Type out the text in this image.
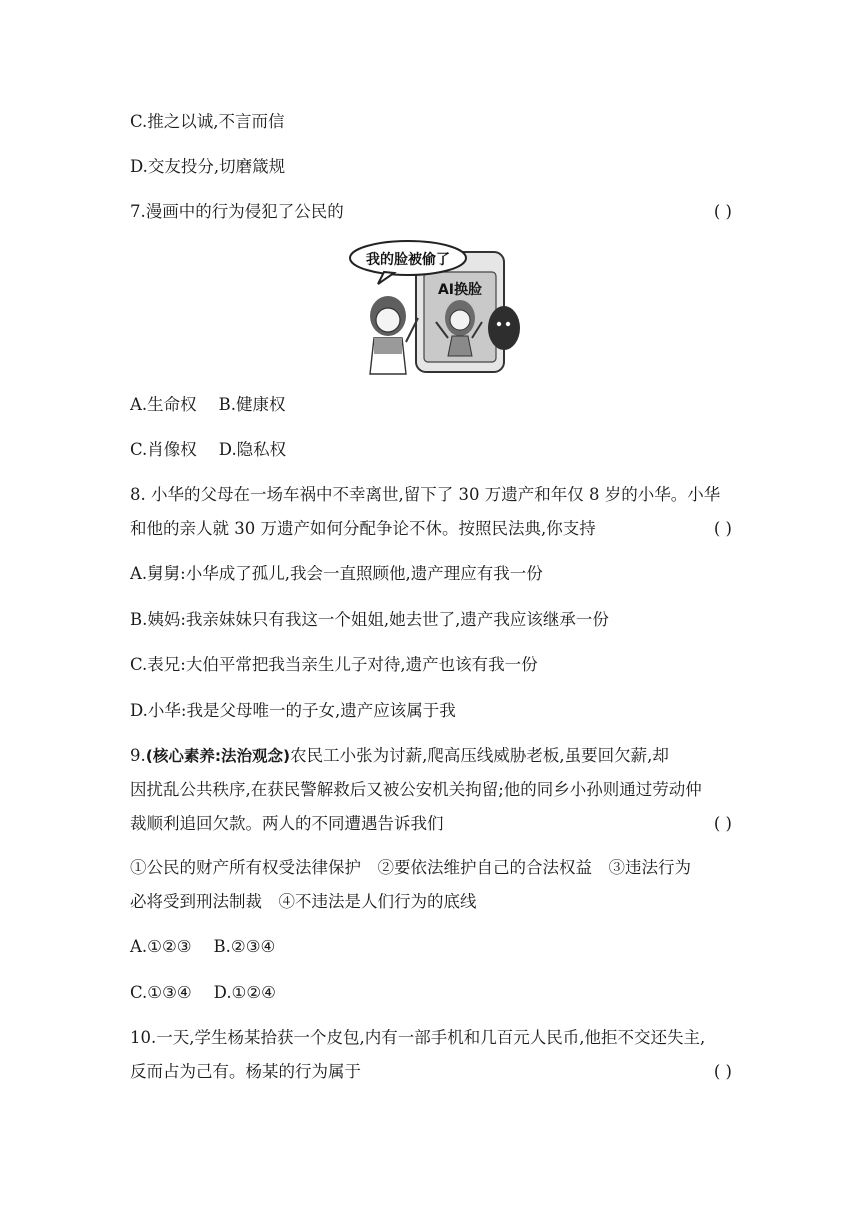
C.推之以诚,不言而信
D.交友投分,切磨箴规
7.漫画中的行为侵犯了公民的	( )
我的脸被偷了
AI换脸
A.生命权 B.健康权
C.肖像权 D.隐私权
8. 小华的父母在一场车祸中不幸离世,留下了 30 万遗产和年仅 8 岁的小华。小华
和他的亲人就 30 万遗产如何分配争论不休。按照民法典,你支持	( )
A.舅舅:小华成了孤儿,我会一直照顾他,遗产理应有我一份
B.姨妈:我亲妹妹只有我这一个姐姐,她去世了,遗产我应该继承一份
C.表兄:大伯平常把我当亲生儿子对待,遗产也该有我一份
D.小华:我是父母唯一的子女,遗产应该属于我
9.(核心素养:法治观念)农民工小张为讨薪,爬高压线威胁老板,虽要回欠薪,却
因扰乱公共秩序,在获民警解救后又被公安机关拘留;他的同乡小孙则通过劳动仲
裁顺利追回欠款。两人的不同遭遇告诉我们	( )
①公民的财产所有权受法律保护　②要依法维护自己的合法权益　③违法行为
必将受到刑法制裁　④不违法是人们行为的底线
A.①②③ B.②③④
C.①③④ D.①②④
10.一天,学生杨某拾获一个皮包,内有一部手机和几百元人民币,他拒不交还失主,
反而占为己有。杨某的行为属于	( )
